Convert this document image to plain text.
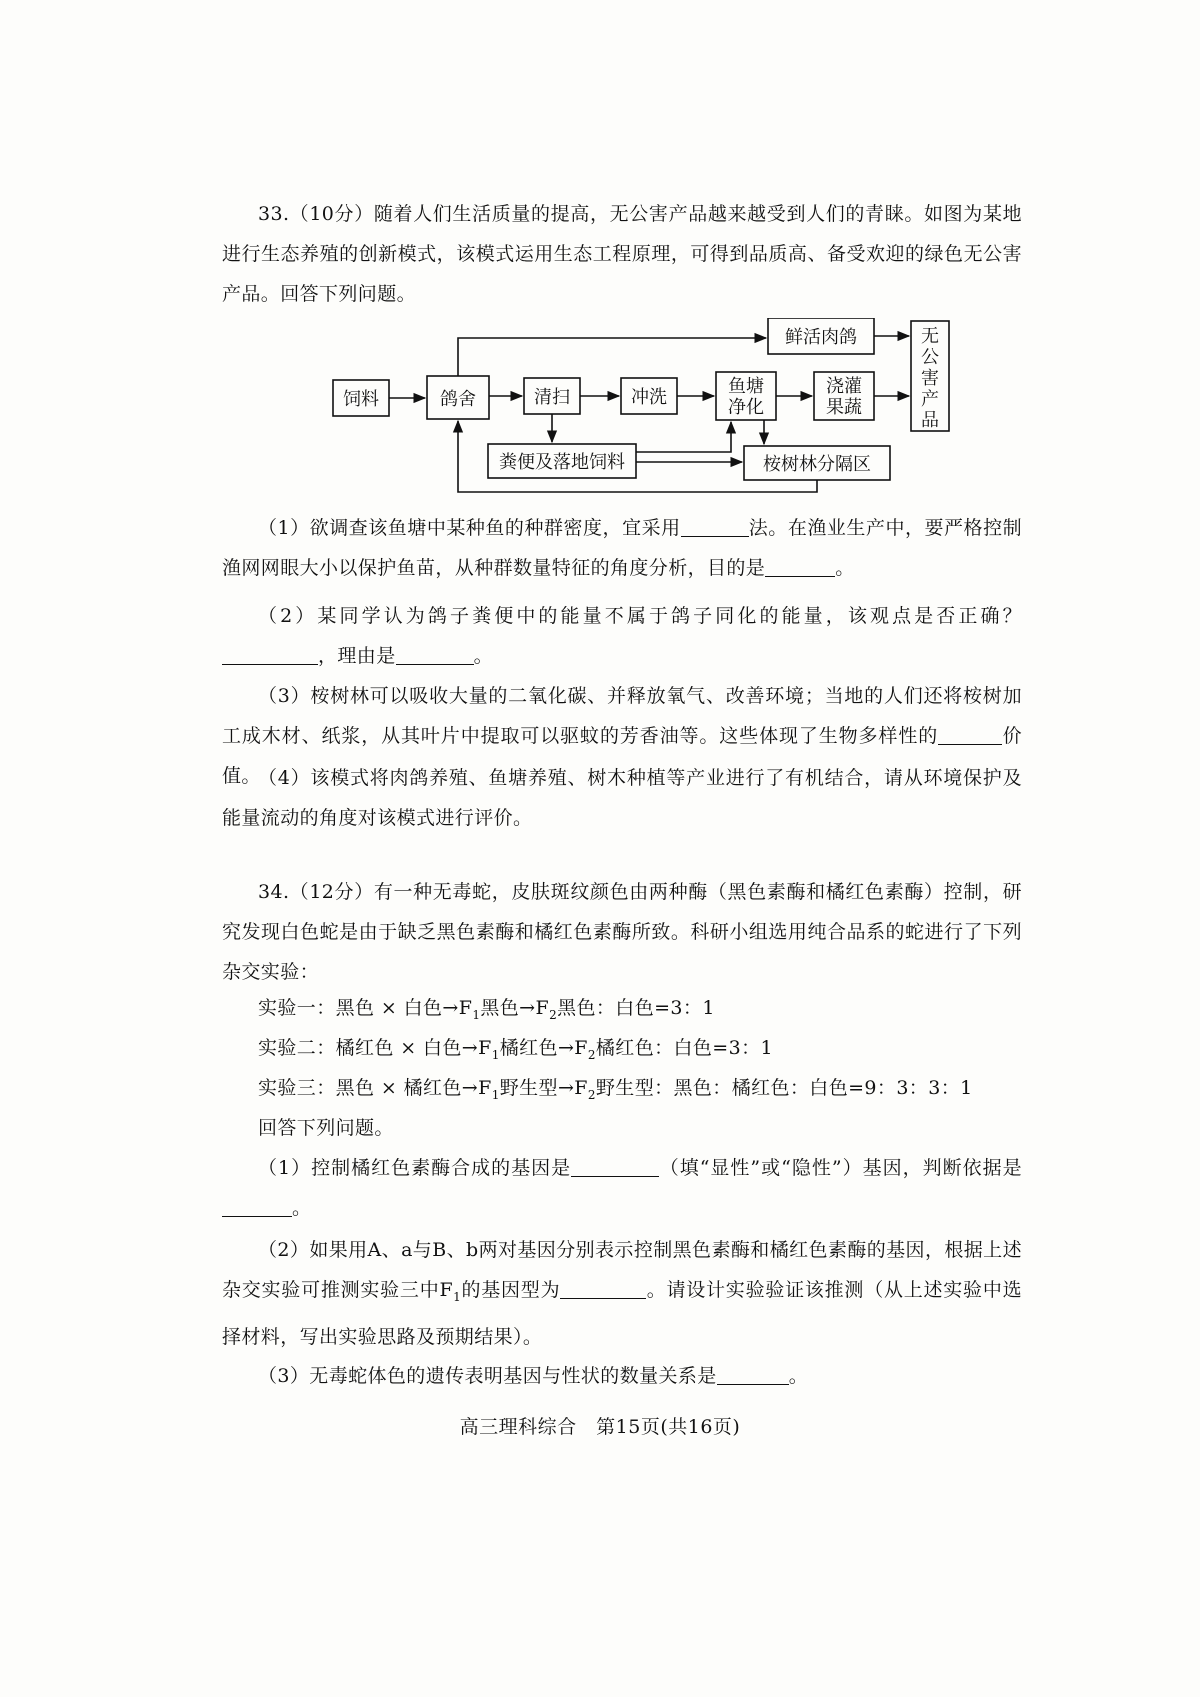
33.（10分）随着人们生活质量的提高，无公害产品越来越受到人们的青睐。如图为某地进行生态养殖的创新模式，该模式运用生态工程原理，可得到品质高、备受欢迎的绿色无公害产品。回答下列问题。
饲料	鸽舍	清扫	冲洗
鱼塘
净化
浇灌
果蔬
鲜活肉鸽
粪便及落地饲料	桉树林分隔区
无
公
害
产
品
（1）欲调查该鱼塘中某种鱼的种群密度，宜采用	法。在渔业生产中，要严格控制渔网网眼大小以保护鱼苗，从种群数量特征的角度分析，目的是	。
（2）某同学认为鸽子粪便中的能量不属于鸽子同化的能量，该观点是否正确？，理由是	。
（3）桉树林可以吸收大量的二氧化碳、并释放氧气、改善环境；当地的人们还将桉树加工成木材、纸浆，从其叶片中提取可以驱蚊的芳香油等。这些体现了生物多样性的	价值。
（4）该模式将肉鸽养殖、鱼塘养殖、树木种植等产业进行了有机结合，请从环境保护及能量流动的角度对该模式进行评价。
34.（12分）有一种无毒蛇，皮肤斑纹颜色由两种酶（黑色素酶和橘红色素酶）控制，研究发现白色蛇是由于缺乏黑色素酶和橘红色素酶所致。科研小组选用纯合品系的蛇进行了下列杂交实验：
实验一：黑色 × 白色$\to F_1$黑色$\to F_2$黑色：白色=3：1
实验二：橘红色 × 白色$\to F_1$橘红色$\to F_2$橘红色：白色=3：1
实验三：黑色 × 橘红色$\to F_1$野生型$\to F_2$野生型：黑色：橘红色：白色=9：3：3：1
回答下列问题。
（1）控制橘红色素酶合成的基因是	（填“显性”或“隐性”）基因，判断依据是。
（2）如果用A、a与B、b两对基因分别表示控制黑色素酶和橘红色素酶的基因，根据上述杂交实验可推测实验三中$F_1$的基因型为	。请设计实验验证该推测（从上述实验中选择材料，写出实验思路及预期结果）。
（3）无毒蛇体色的遗传表明基因与性状的数量关系是	。
高三理科综合　第15页(共16页)
